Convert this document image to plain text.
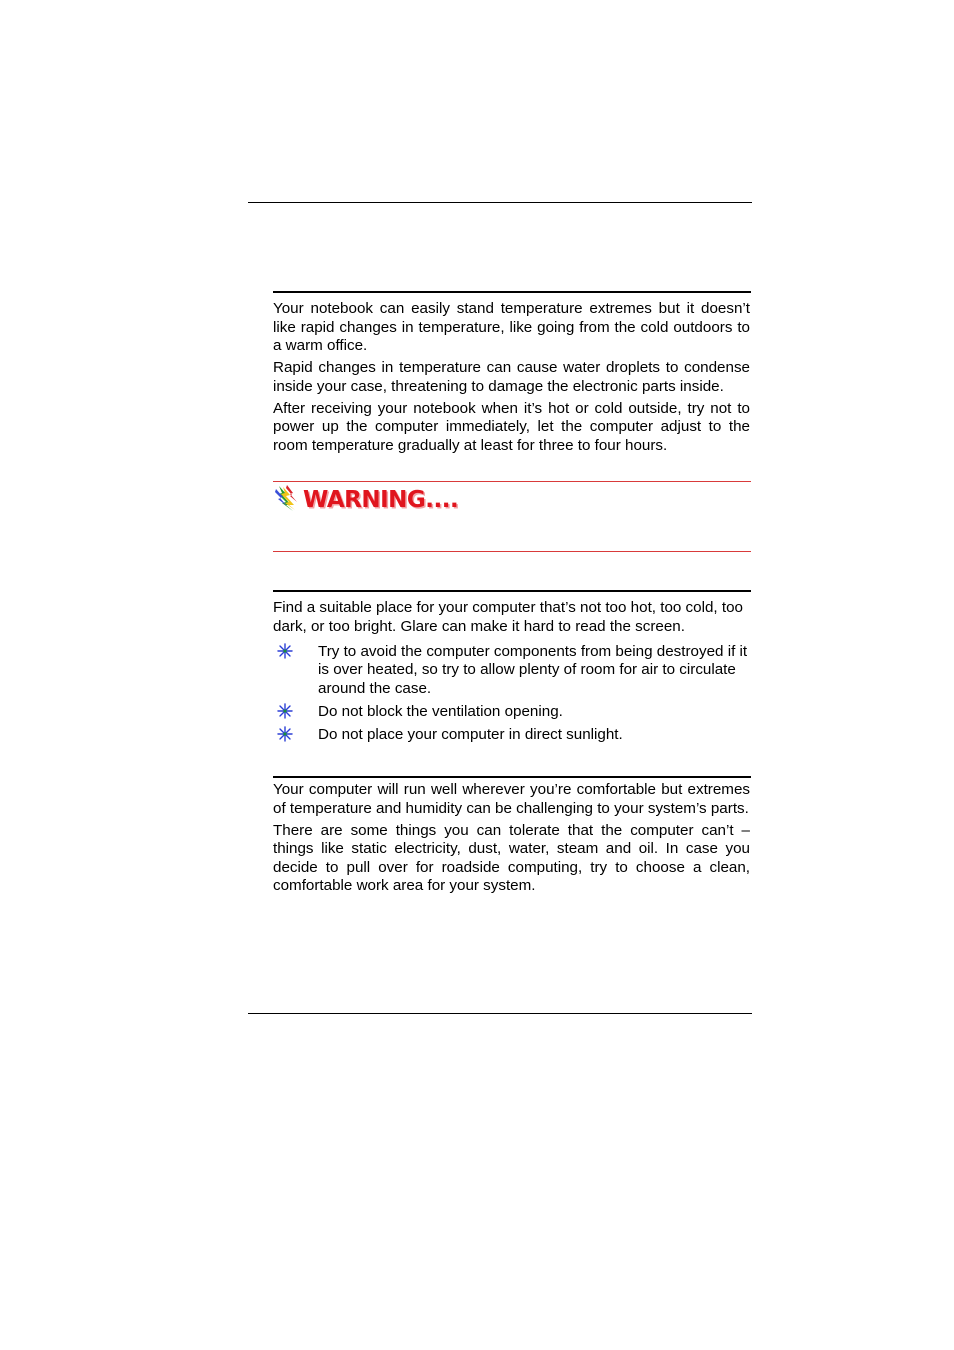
Your notebook can easily stand temperature extremes but it doesn’t like rapid changes in temperature, like going from the cold outdoors to a warm office.

Rapid changes in temperature can cause water droplets to condense inside your case, threatening to damage the electronic parts inside.

After receiving your notebook when it’s hot or cold outside, try not to power up the computer immediately, let the computer adjust to the room temperature gradually at least for three to four hours.

WARNING....

Find a suitable place for your computer that’s not too hot, too cold, too dark, or too bright. Glare can make it hard to read the screen.

Try to avoid the computer components from being destroyed if it is over heated, so try to allow plenty of room for air to circulate around the case.
Do not block the ventilation opening.
Do not place your computer in direct sunlight.

Your computer will run well wherever you’re comfortable but extremes of temperature and humidity can be challenging to your system’s parts.

There are some things you can tolerate that the computer can’t – things like static electricity, dust, water, steam and oil. In case you decide to pull over for roadside computing, try to choose a clean, comfortable work area for your system.
